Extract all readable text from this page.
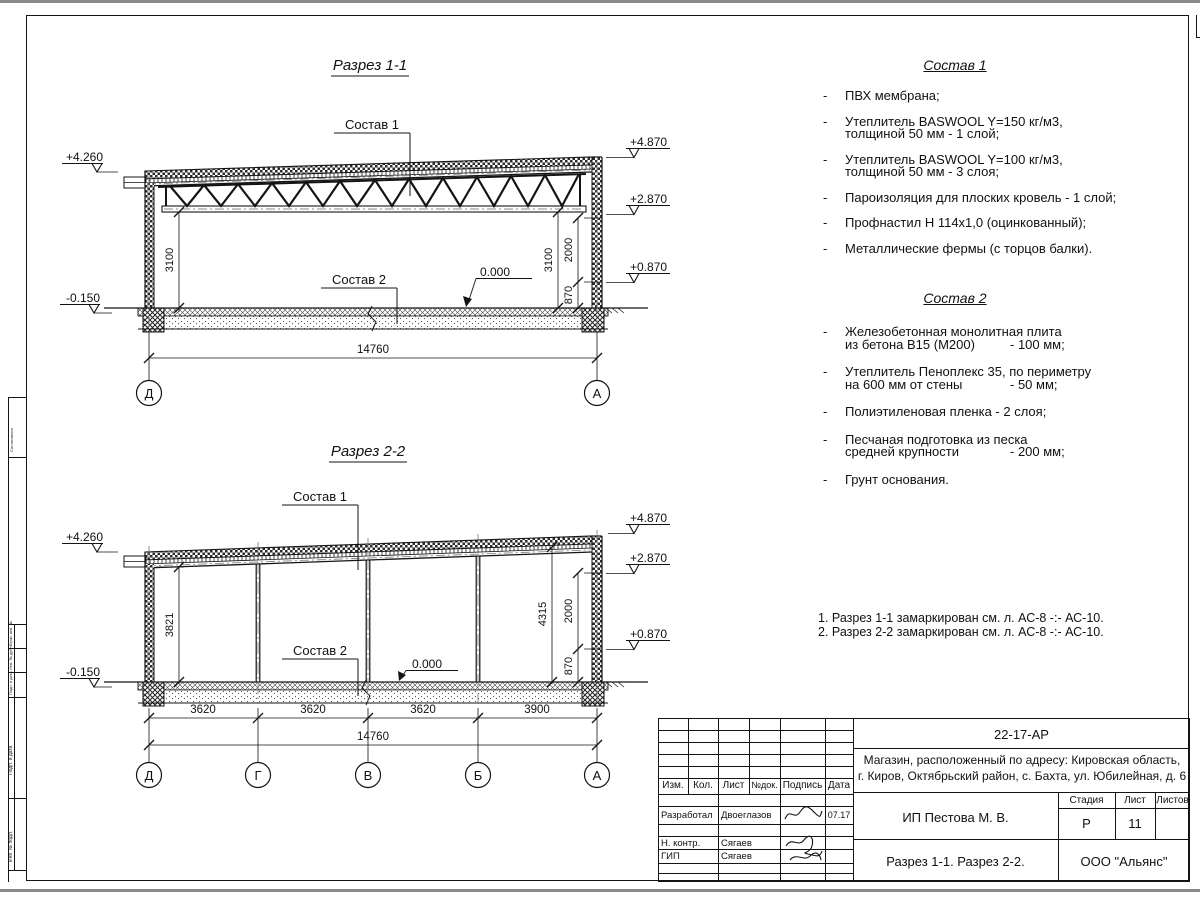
Согласовано
Взам. инв. №
Инв. № дубл.
Подп. и дата
Подп. и дата
Инв. № подл.
Разрез 1-1
3100	3100 2000
870
+4.260
-0.150
+4.870
+2.870
+0.870
0.000
Состав 1
Состав 2
14760
Д	А
Разрез 2-2
3821	4315 2000
870
+4.260
-0.150
+4.870
+2.870
+0.870
0.000
Состав 1
Состав 2
3620	3620	3620	3900
14760
Д	Г	В	Б	А
Состав 1
-	ПВХ мембрана;
-	Утеплитель BASWOOL Y=150 кг/м3,
толщиной 50 мм - 1 слой;
-	Утеплитель BASWOOL Y=100 кг/м3,
толщиной 50 мм - 3 слоя;
-	Пароизоляция для плоских кровель - 1 слой;
-	Профнастил Н 114х1,0 (оцинкованный);
-	Металлические фермы (с торцов балки).
Состав 2
-	Железобетонная монолитная плита
из бетона В15 (М200)	- 100 мм;
-	Утеплитель Пеноплекс 35, по периметру
на 600 мм от стены	- 50 мм;
-	Полиэтиленовая пленка - 2 слоя;
-	Песчаная подготовка из песка
средней крупности	- 200 мм;
-	Грунт основания.
1. Разрез 1-1 замаркирован см. л. АС-8 -:- АС-10.
2. Разрез 2-2 замаркирован см. л. АС-8 -:- АС-10.
Изм. Кол. Лист №док. Подпись Дата
Разработал Двоеглазов	07.17
Н. контр. Сягаев
ГИП	Сягаев
22-17-АР
Магазин, расположенный по адресу: Кировская область,
г. Киров, Октябрьский район, с. Бахта, ул. Юбилейная, д. 6
ИП Пестова М. В.
Стадия	Лист	Листов
Р	11
Разрез 1-1. Разрез 2-2.	ООО "Альянс"
